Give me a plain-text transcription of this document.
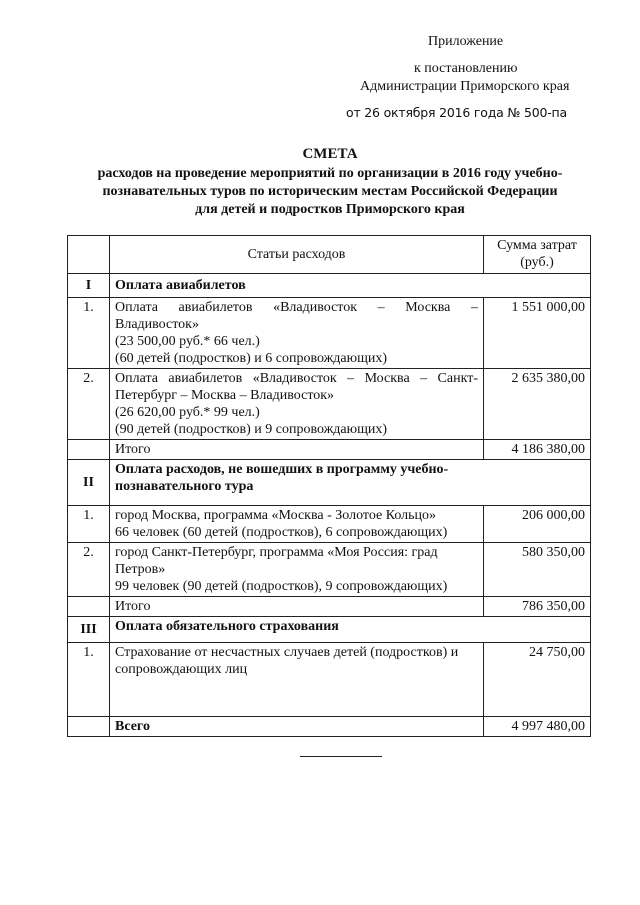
Приложение
к постановлению
Администрации Приморского края
от 26 октября 2016 года № 500-па
СМЕТА
расходов на проведение мероприятий по организации в 2016 году учебно-
познавательных туров по историческим местам Российской Федерации
для детей и подростков Приморского края
	Статьи расходов	Сумма затрат
(руб.)

I	Оплата авиабилетов	
1.	Оплата авиабилетов «Владивосток – Москва – Владивосток»
(23 500,00 руб.* 66 чел.)
(60 детей (подростков) и 6 сопровождающих)	1 551 000,00
2.	Оплата авиабилетов «Владивосток – Москва – Санкт-Петербург – Москва – Владивосток»
(26 620,00 руб.* 99 чел.)
(90 детей (подростков) и 9 сопровождающих)	2 635 380,00
	Итого	4 186 380,00
II	Оплата расходов, не вошедших в программу учебно-познавательного тура	

1.	город Москва, программа «Москва - Золотое Кольцо»
66 человек (60 детей (подростков), 6 сопровождающих)	206 000,00
2.	город Санкт-Петербург, программа «Моя Россия: град Петров»
99 человек (90 детей (подростков), 9 сопровождающих)	580 350,00
	Итого	786 350,00
III	Оплата обязательного страхования	
1.	Страхование от несчастных случаев детей (подростков) и сопровождающих лиц	24 750,00
	Всего	4 997 480,00
